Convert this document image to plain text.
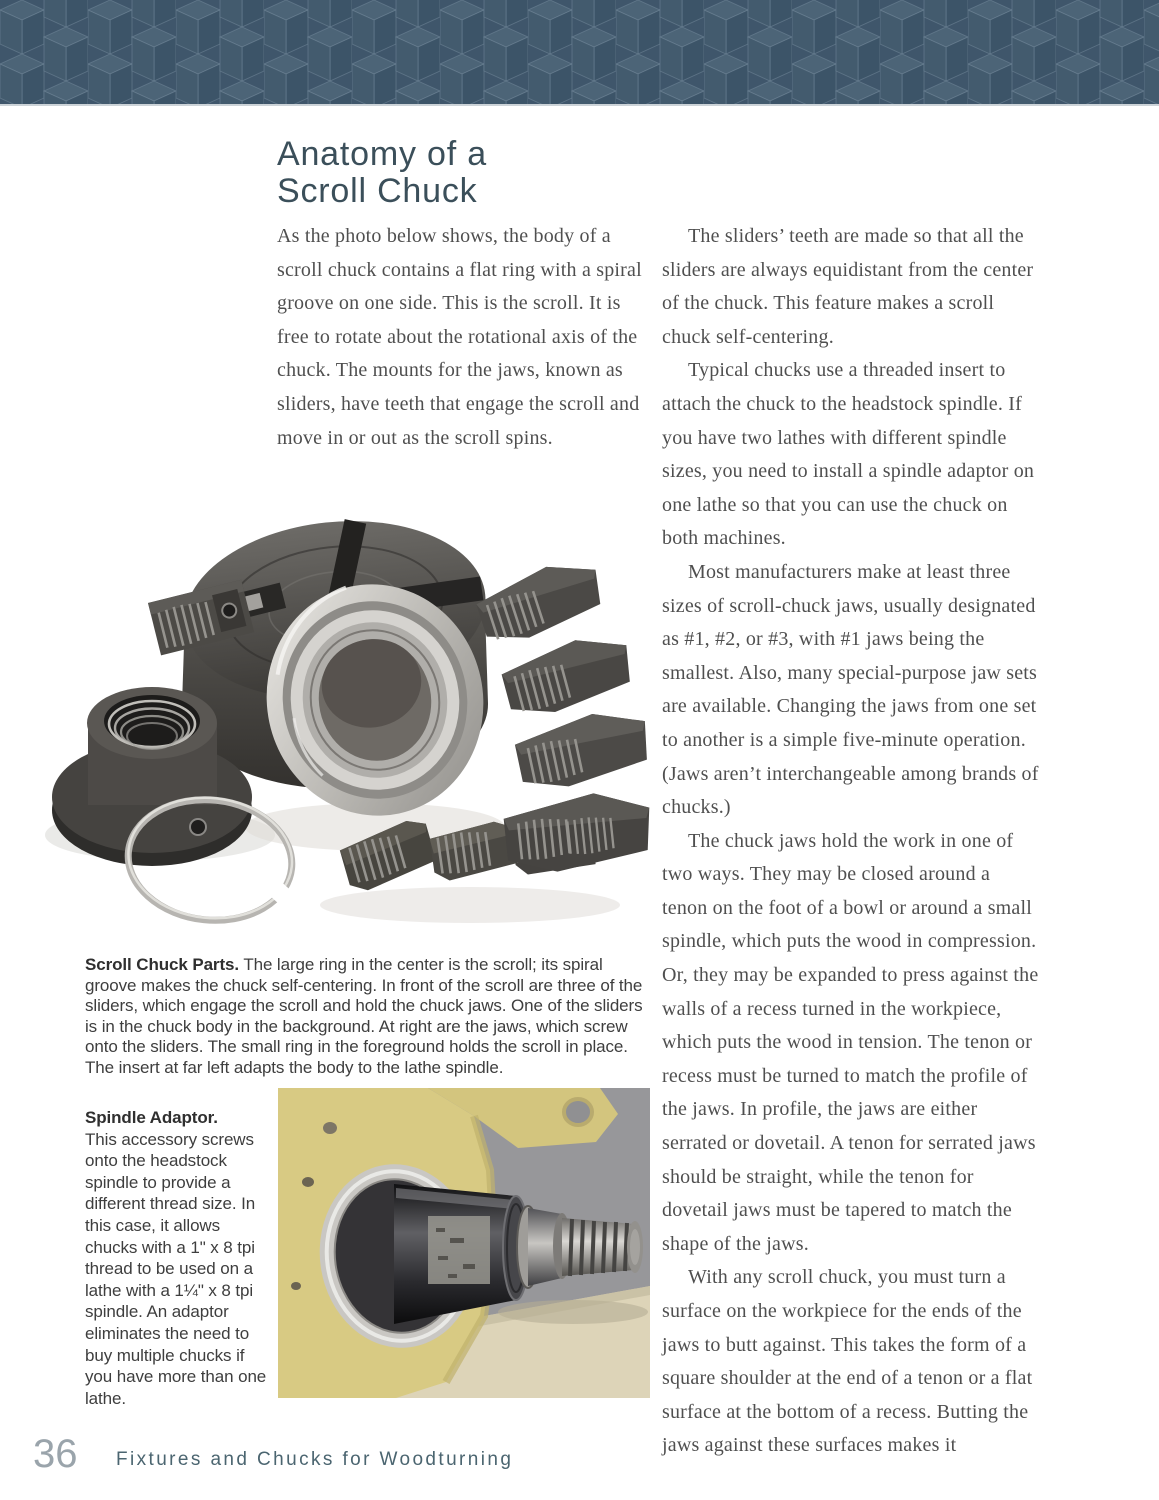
Anatomy of a
Scroll Chuck

As the photo below shows, the body of a scroll chuck contains a flat ring with a spiral groove on one side. This is the scroll. It is free to rotate about the rotational axis of the chuck. The mounts for the jaws, known as sliders, have teeth that engage the scroll and move in or out as the scroll spins.

The sliders’ teeth are made so that all the sliders are always equidistant from the center of the chuck. This feature makes a scroll chuck self-centering.

Typical chucks use a threaded insert to attach the chuck to the headstock spindle. If you have two lathes with different spindle sizes, you need to install a spindle adaptor on one lathe so that you can use the chuck on both machines.

Most manufacturers make at least three sizes of scroll-chuck jaws, usually designated as #1, #2, or #3, with #1 jaws being the smallest. Also, many special-purpose jaw sets are available. Changing the jaws from one set to another is a simple five-minute operation. (Jaws aren’t interchangeable among brands of chucks.)

The chuck jaws hold the work in one of two ways. They may be closed around a tenon on the foot of a bowl or around a small spindle, which puts the wood in compression. Or, they may be expanded to press against the walls of a recess turned in the workpiece, which puts the wood in tension. The tenon or recess must be turned to match the profile of the jaws. In profile, the jaws are either serrated or dovetail. A tenon for serrated jaws should be straight, while the tenon for dovetail jaws must be tapered to match the shape of the jaws.

With any scroll chuck, you must turn a surface on the workpiece for the ends of the jaws to butt against. This takes the form of a square shoulder at the end of a tenon or a flat surface at the bottom of a recess. Butting the jaws against these surfaces makes it

Scroll Chuck Parts. The large ring in the center is the scroll; its spiral groove makes the chuck self-centering. In front of the scroll are three of the sliders, which engage the scroll and hold the chuck jaws. One of the sliders is in the chuck body in the background. At right are the jaws, which screw onto the sliders. The small ring in the foreground holds the scroll in place. The insert at far left adapts the body to the lathe spindle.

Spindle Adaptor.
This accessory screws onto the headstock spindle to provide a different thread size. In this case, it allows chucks with a 1" x 8 tpi thread to be used on a lathe with a 1¼" x 8 tpi spindle. An adaptor eliminates the need to buy multiple chucks if you have more than one lathe.

36 Fixtures and Chucks for Woodturning
